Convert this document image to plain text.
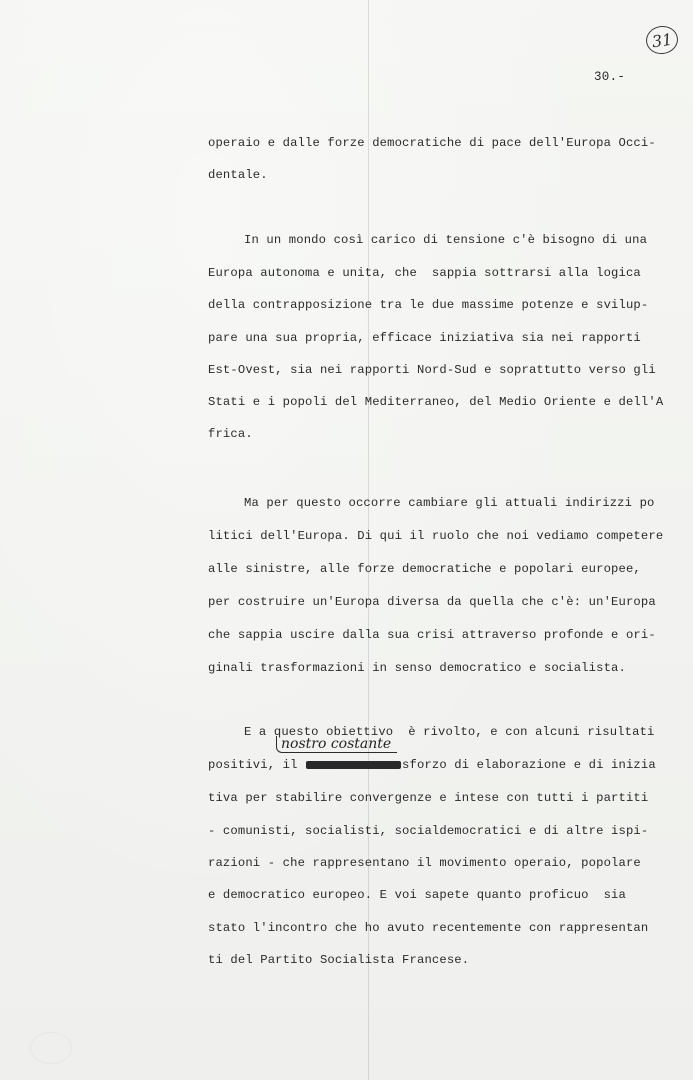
31
30.-
operaio e dalle forze democratiche di pace dell'Europa Occi-
dentale.
In un mondo così carico di tensione c'è bisogno di una
Europa autonoma e unita, che  sappia sottrarsi alla logica
della contrapposizione tra le due massime potenze e svilup-
pare una sua propria, efficace iniziativa sia nei rapporti
Est-Ovest, sia nei rapporti Nord-Sud e soprattutto verso gli
Stati e i popoli del Mediterraneo, del Medio Oriente e dell'A
frica.
Ma per questo occorre cambiare gli attuali indirizzi po
litici dell'Europa. Di qui il ruolo che noi vediamo competere
alle sinistre, alle forze democratiche e popolari europee,
per costruire un'Europa diversa da quella che c'è: un'Europa
che sappia uscire dalla sua crisi attraverso profonde e ori-
ginali trasformazioni in senso democratico e socialista.
E a questo obiettivo  è rivolto, e con alcuni risultati
nostro costante
positivi, il	sforzo di elaborazione e di inizia
tiva per stabilire convergenze e intese con tutti i partiti
- comunisti, socialisti, socialdemocratici e di altre ispi-
razioni - che rappresentano il movimento operaio, popolare
e democratico europeo. E voi sapete quanto proficuo  sia
stato l'incontro che ho avuto recentemente con rappresentan
ti del Partito Socialista Francese.
